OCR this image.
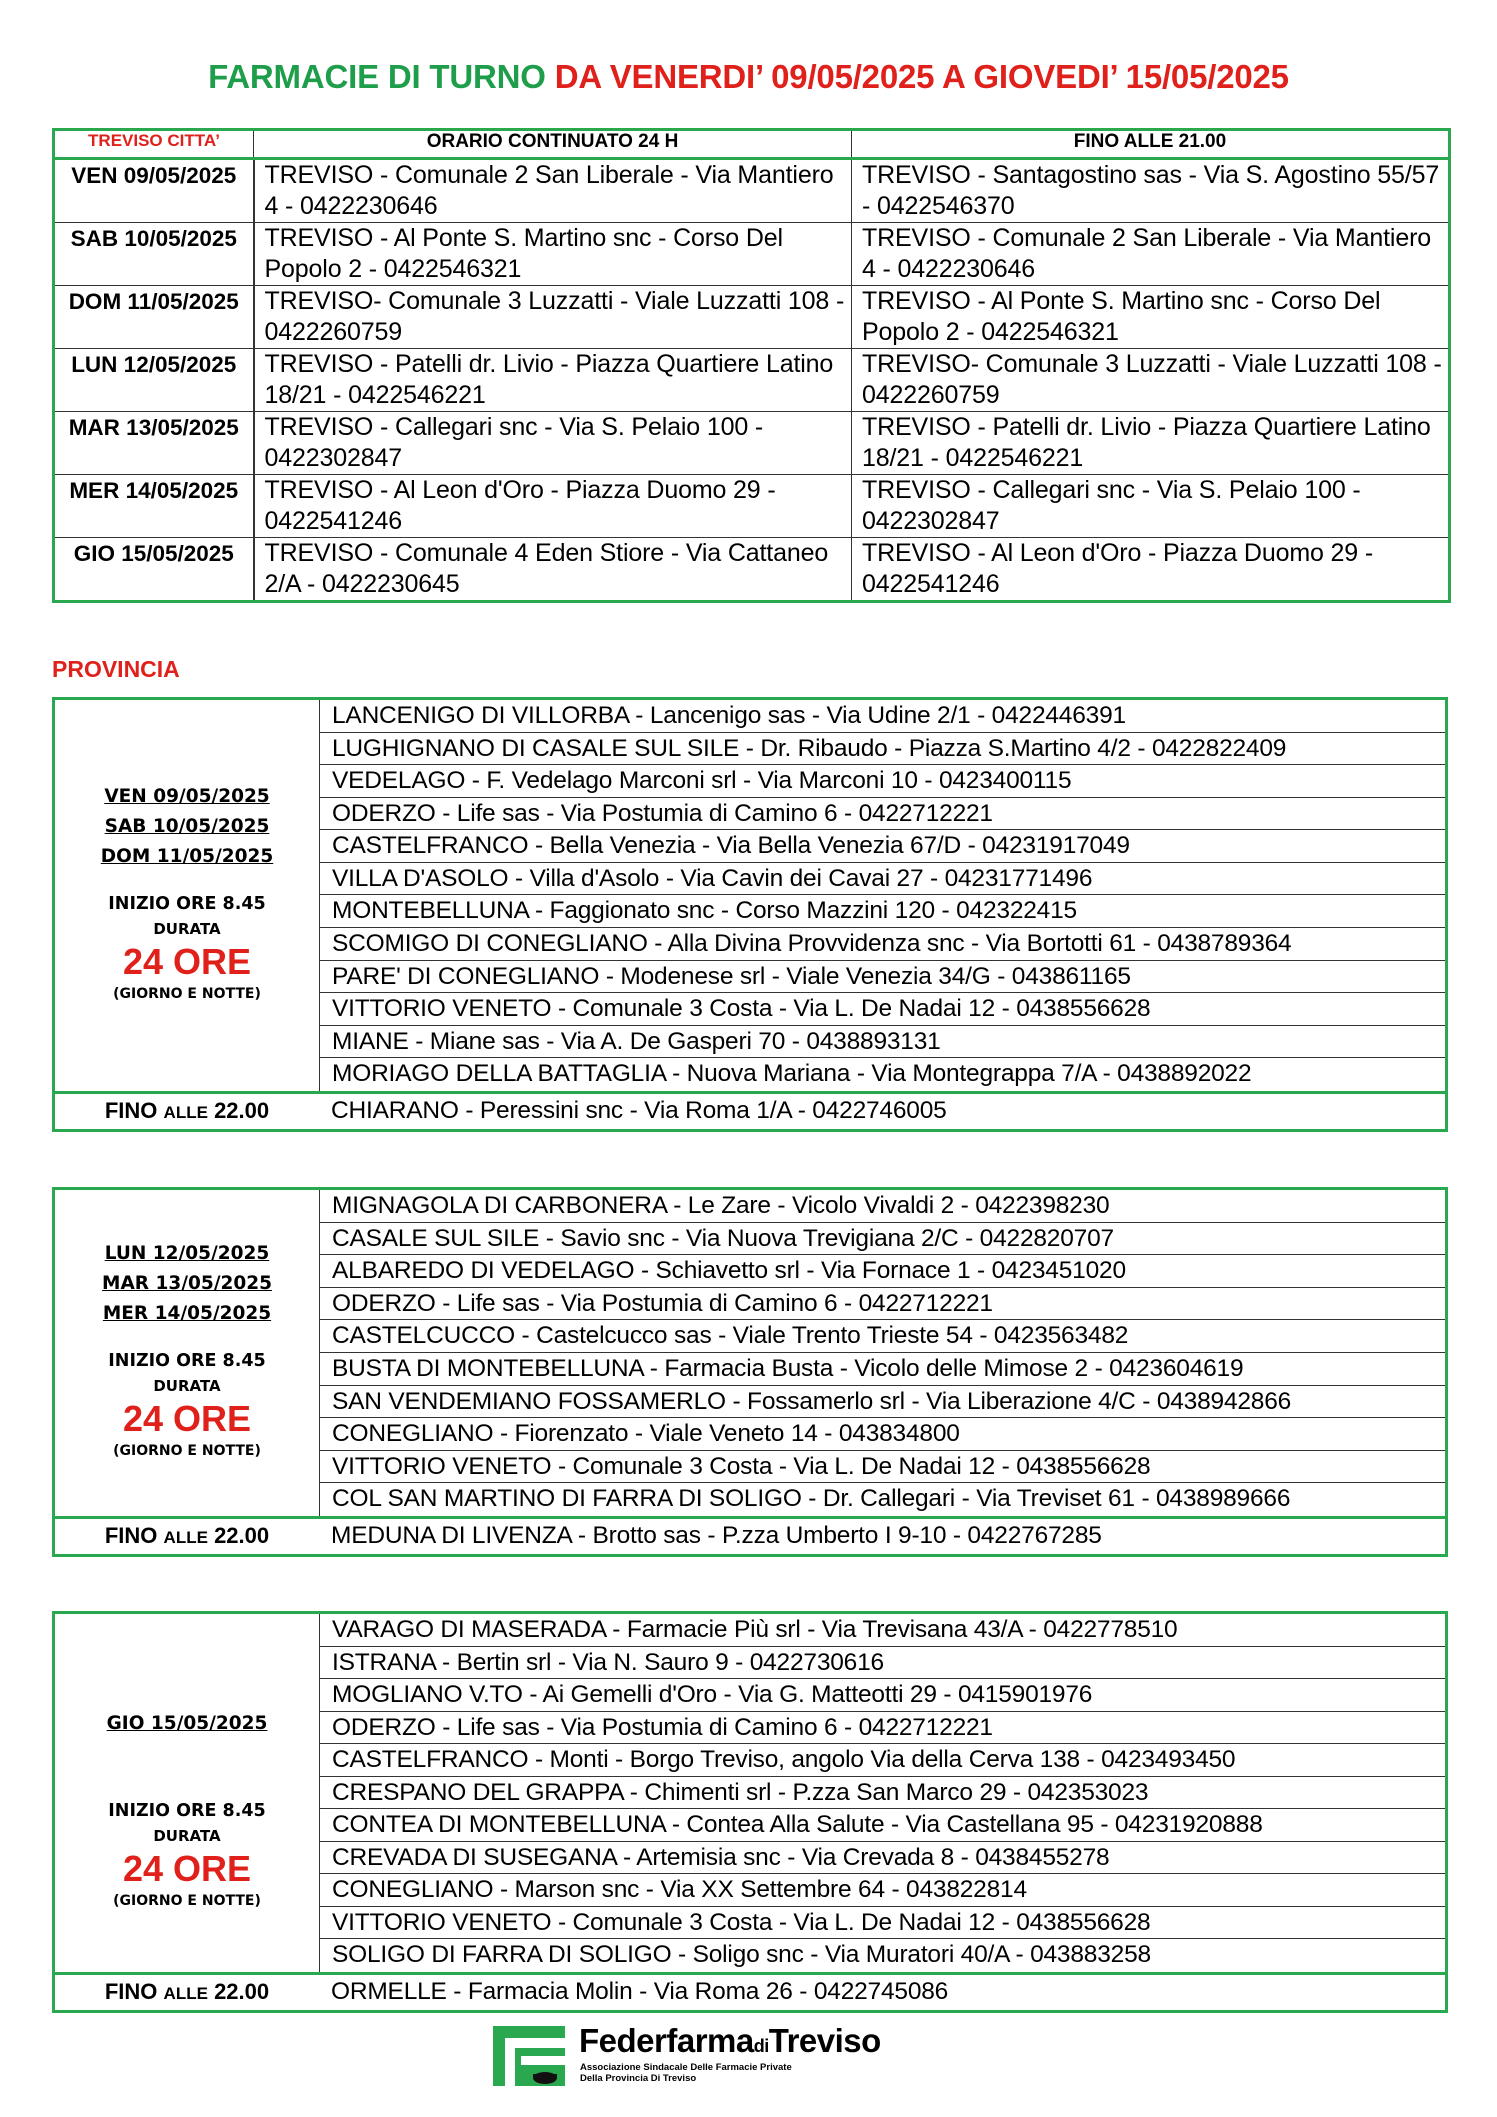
FARMACIE DI TURNO DA VENERDI’ 09/05/2025 A GIOVEDI’ 15/05/2025
TREVISO CITTA’	ORARIO CONTINUATO 24 H	FINO ALLE 21.00
VEN 09/05/2025	TREVISO - Comunale 2 San Liberale - Via Mantiero 4 - 0422230646	TREVISO - Santagostino sas - Via S. Agostino 55/57 - 0422546370
SAB 10/05/2025	TREVISO - Al Ponte S. Martino snc - Corso Del Popolo 2 - 0422546321	TREVISO - Comunale 2 San Liberale - Via Mantiero 4 - 0422230646
DOM 11/05/2025	TREVISO- Comunale 3 Luzzatti - Viale Luzzatti 108 - 0422260759	TREVISO - Al Ponte S. Martino snc - Corso Del Popolo 2 - 0422546321
LUN 12/05/2025	TREVISO - Patelli dr. Livio - Piazza Quartiere Latino 18/21 - 0422546221	TREVISO- Comunale 3 Luzzatti - Viale Luzzatti 108 - 0422260759
MAR 13/05/2025	TREVISO - Callegari snc - Via S. Pelaio 100 - 0422302847	TREVISO - Patelli dr. Livio - Piazza Quartiere Latino 18/21 - 0422546221
MER 14/05/2025	TREVISO - Al Leon d'Oro - Piazza Duomo 29 - 0422541246	TREVISO - Callegari snc - Via S. Pelaio 100 - 0422302847
GIO 15/05/2025	TREVISO - Comunale 4 Eden Stiore - Via Cattaneo 2/A - 0422230645	TREVISO - Al Leon d'Oro - Piazza Duomo 29 - 0422541246
PROVINCIA
VEN 09/05/2025
SAB 10/05/2025
DOM 11/05/2025
INIZIO ORE 8.45
DURATA
24 ORE
(GIORNO E NOTTE)
LANCENIGO DI VILLORBA - Lancenigo sas - Via Udine 2/1 - 0422446391
LUGHIGNANO DI CASALE SUL SILE - Dr. Ribaudo - Piazza S.Martino 4/2 - 0422822409
VEDELAGO - F. Vedelago Marconi srl - Via Marconi 10 - 0423400115
ODERZO - Life sas - Via Postumia di Camino 6 - 0422712221
CASTELFRANCO - Bella Venezia - Via Bella Venezia 67/D - 04231917049
VILLA D'ASOLO - Villa d'Asolo - Via Cavin dei Cavai 27 - 04231771496
MONTEBELLUNA - Faggionato snc - Corso Mazzini 120 - 042322415
SCOMIGO DI CONEGLIANO - Alla Divina Provvidenza snc - Via Bortotti 61 - 0438789364
PARE' DI CONEGLIANO - Modenese srl - Viale Venezia 34/G - 043861165
VITTORIO VENETO - Comunale 3 Costa - Via L. De Nadai 12 - 0438556628
MIANE - Miane sas - Via A. De Gasperi 70 - 0438893131
MORIAGO DELLA BATTAGLIA - Nuova Mariana - Via Montegrappa 7/A - 0438892022
FINO ALLE 22.00	CHIARANO - Peressini snc - Via Roma 1/A - 0422746005
LUN 12/05/2025
MAR 13/05/2025
MER 14/05/2025
INIZIO ORE 8.45
DURATA
24 ORE
(GIORNO E NOTTE)
MIGNAGOLA DI CARBONERA - Le Zare - Vicolo Vivaldi 2 - 0422398230
CASALE SUL SILE - Savio snc - Via Nuova Trevigiana 2/C - 0422820707
ALBAREDO DI VEDELAGO - Schiavetto srl - Via Fornace 1 - 0423451020
ODERZO - Life sas - Via Postumia di Camino 6 - 0422712221
CASTELCUCCO - Castelcucco sas - Viale Trento Trieste 54 - 0423563482
BUSTA DI MONTEBELLUNA - Farmacia Busta - Vicolo delle Mimose 2 - 0423604619
SAN VENDEMIANO FOSSAMERLO - Fossamerlo srl - Via Liberazione 4/C - 0438942866
CONEGLIANO - Fiorenzato - Viale Veneto 14 - 043834800
VITTORIO VENETO - Comunale 3 Costa - Via L. De Nadai 12 - 0438556628
COL SAN MARTINO DI FARRA DI SOLIGO - Dr. Callegari - Via Treviset 61 - 0438989666
FINO ALLE 22.00	MEDUNA DI LIVENZA - Brotto sas - P.zza Umberto I 9-10 - 0422767285
GIO 15/05/2025
INIZIO ORE 8.45
DURATA
24 ORE
(GIORNO E NOTTE)
VARAGO DI MASERADA - Farmacie Più srl - Via Trevisana 43/A - 0422778510
ISTRANA - Bertin srl - Via N. Sauro 9 - 0422730616
MOGLIANO V.TO - Ai Gemelli d'Oro - Via G. Matteotti 29 - 0415901976
ODERZO - Life sas - Via Postumia di Camino 6 - 0422712221
CASTELFRANCO - Monti - Borgo Treviso, angolo Via della Cerva 138 - 0423493450
CRESPANO DEL GRAPPA - Chimenti srl - P.zza San Marco 29 - 042353023
CONTEA DI MONTEBELLUNA - Contea Alla Salute - Via Castellana 95 - 04231920888
CREVADA DI SUSEGANA - Artemisia snc - Via Crevada 8 - 0438455278
CONEGLIANO - Marson snc - Via XX Settembre 64 - 043822814
VITTORIO VENETO - Comunale 3 Costa - Via L. De Nadai 12 - 0438556628
SOLIGO DI FARRA DI SOLIGO - Soligo snc - Via Muratori 40/A - 043883258
FINO ALLE 22.00	ORMELLE - Farmacia Molin - Via Roma 26 - 0422745086
FederfarmadiTreviso
Associazione Sindacale Delle Farmacie Private
Della Provincia Di Treviso
